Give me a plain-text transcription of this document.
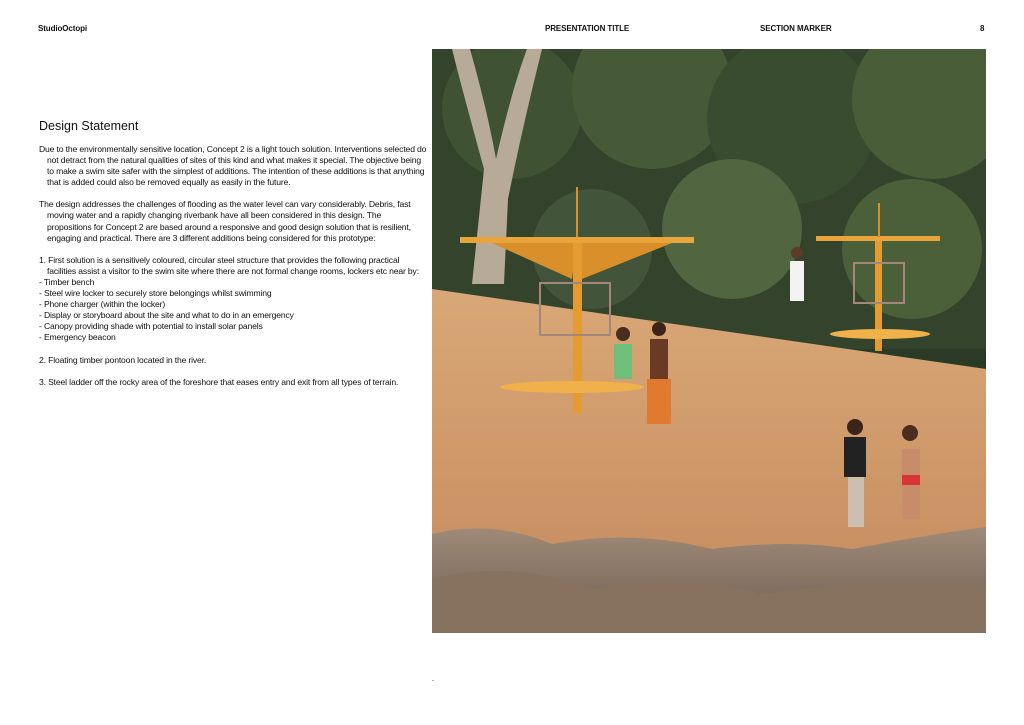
StudioOctopi	PRESENTATION TITLE	SECTION MARKER	8
Design Statement

Due to the environmentally sensitive location, Concept 2 is a light touch solution. Interventions selected do not detract from the natural qualities of sites of this kind and what makes it special. The objective being to make a swim site safer with the simplest of additions. The intention of these additions is that anything that is added could also be removed equally as easily in the future.

The design addresses the challenges of flooding as the water level can vary considerably. Debris, fast moving water and a rapidly changing riverbank have all been considered in this design. The propositions for Concept 2 are based around a responsive and good design solution that is resilient, engaging and practical. There are 3 different additions being considered for this prototype:

1. First solution is a sensitively coloured, circular steel structure that provides the following practical facilities assist a visitor to the swim site where there are not formal change rooms, lockers etc near by:

- Timber bench
- Steel wire locker to securely store belongings whilst swimming
- Phone charger (within the locker)
- Display or storyboard about the site and what to do in an emergency
- Canopy providing shade with potential to install solar panels
- Emergency beacon

2. Floating timber pontoon located in the river.

3. Steel ladder off the rocky area of the foreshore that eases entry and exit from all types of terrain.

-
